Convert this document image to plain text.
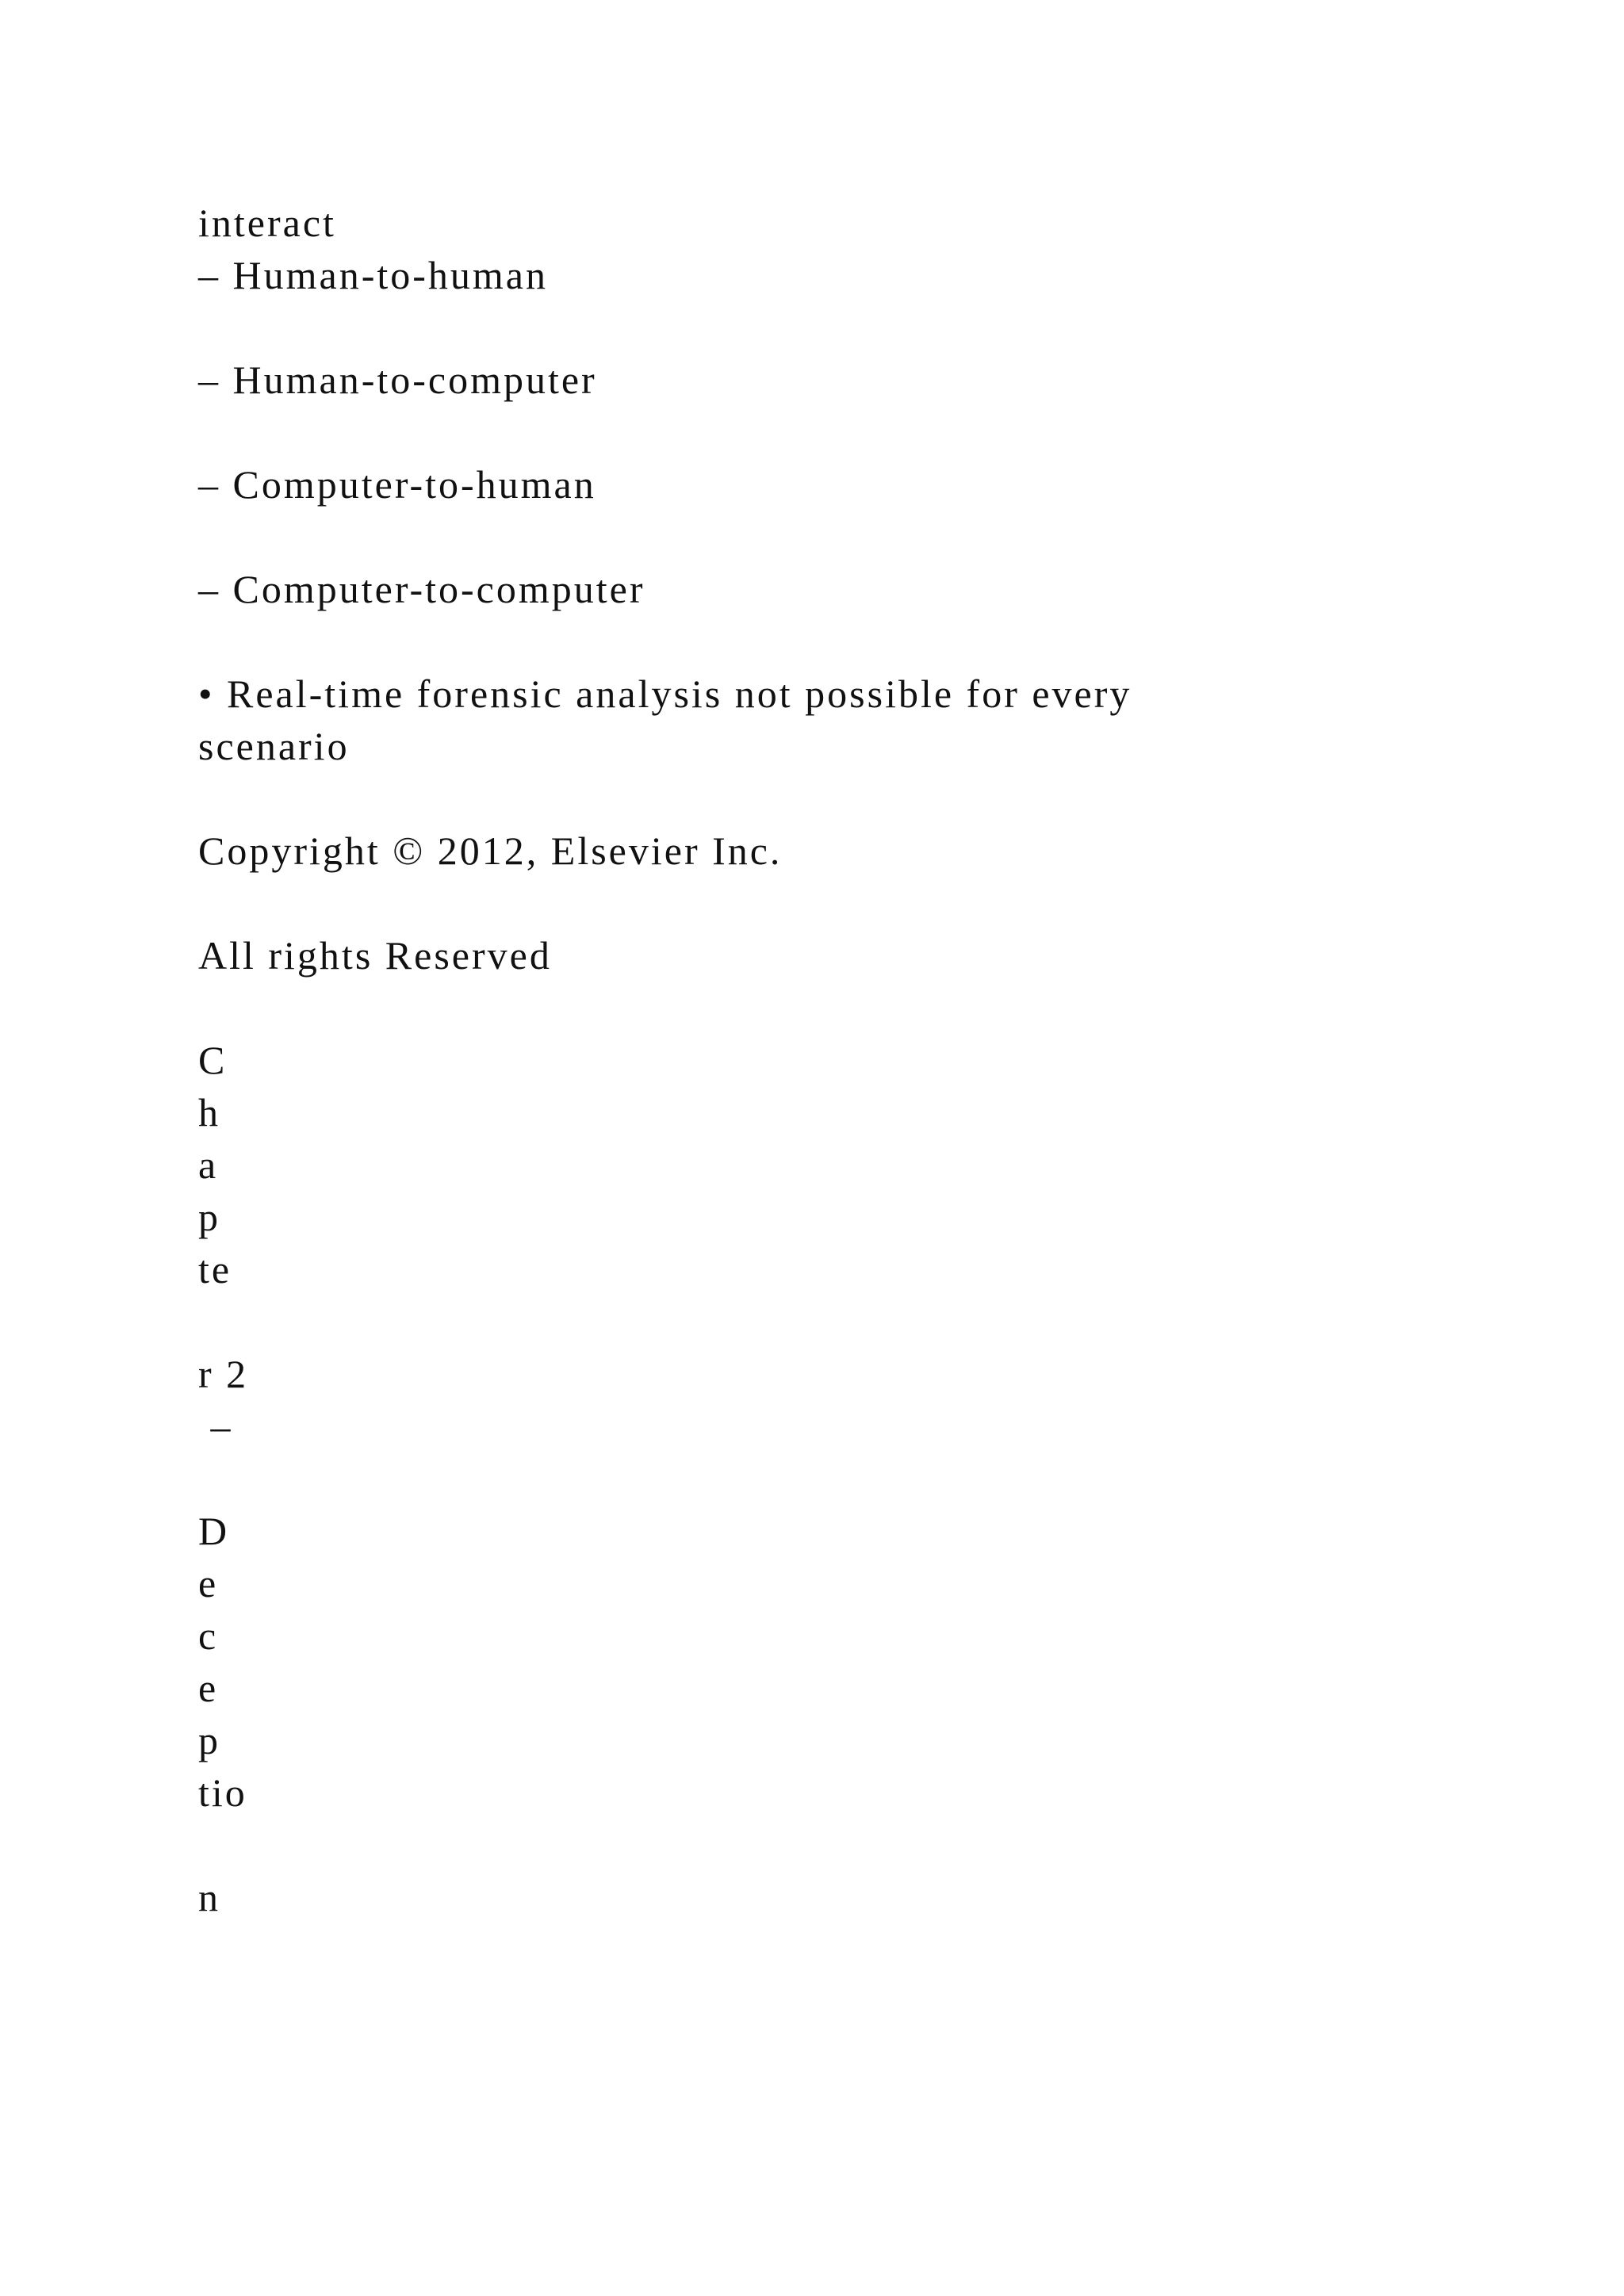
interact
– Human-to-human
– Human-to-computer
– Computer-to-human
– Computer-to-computer
• Real-time forensic analysis not possible for every
scenario
Copyright © 2012, Elsevier Inc.
All rights Reserved
C
h
a
p
te
r 2
–
D
e
c
e
p
tio
n
